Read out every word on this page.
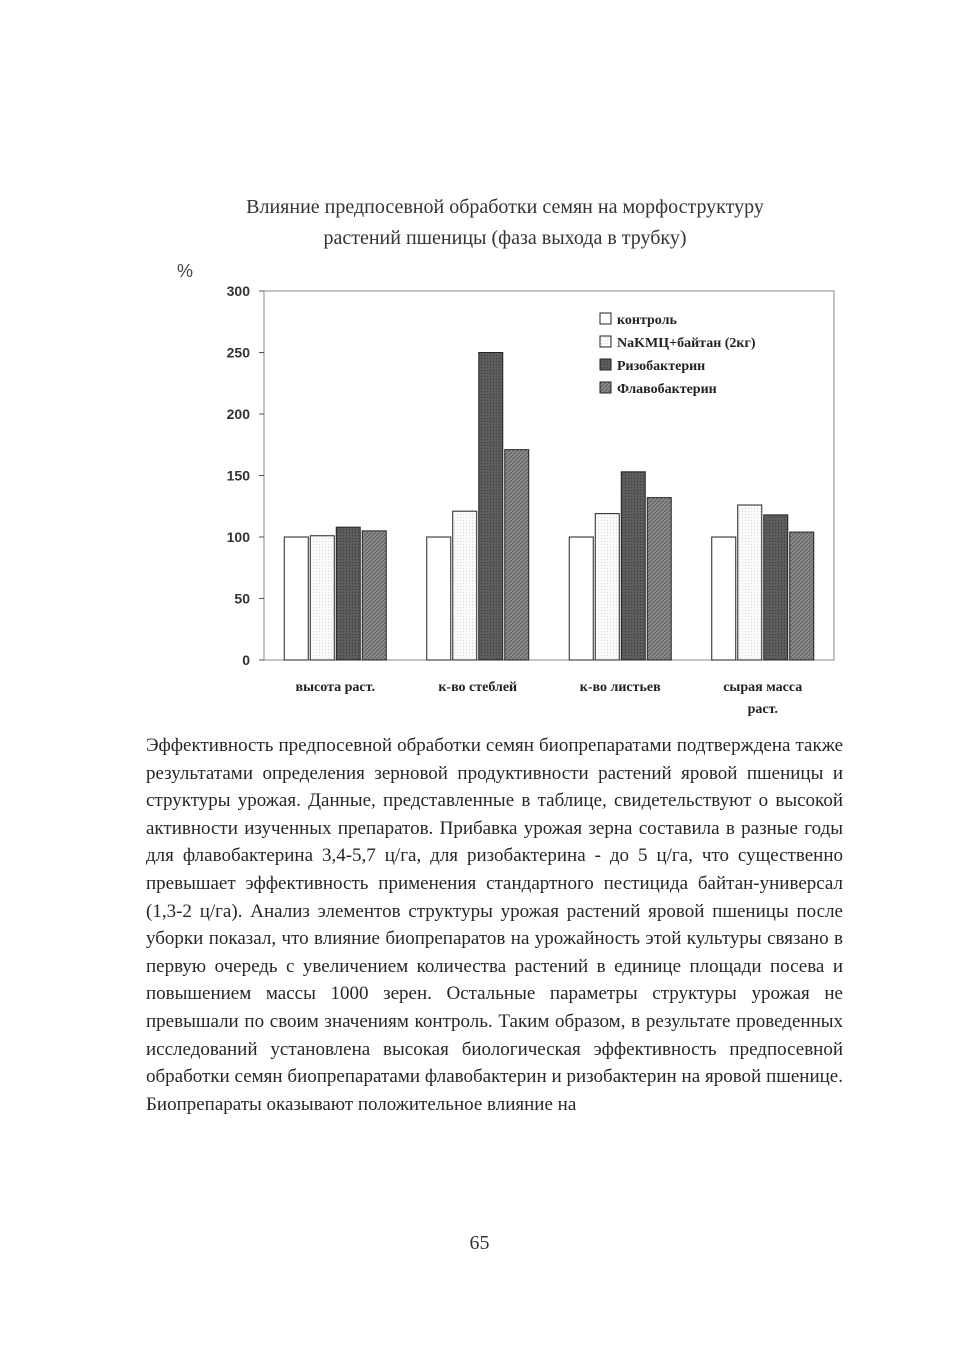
Влияние предпосевной обработки семян на морфоструктуру
растений пшеницы (фаза выхода в трубку)
0
50
100
150
200
250
300
%
высота раст.	к-во стеблей	к-во листьев	сырая масса раст.
контроль
NaKMЦ+байтан (2кг)
Ризобактерин
Флавобактерин
Эффективность предпосевной обработки семян биопрепаратами подтверждена также результатами определения зерновой продуктивности растений яровой пшеницы и структуры урожая. Данные, представленные в таблице, свидетельствуют о высокой активности изученных препаратов. Прибавка урожая зерна составила в разные годы для флавобактерина 3,4-5,7 ц/га, для ризобактерина - до 5 ц/га, что существенно превышает эффективность применения стандартного пестицида байтан-универсал (1,3-2 ц/га). Анализ элементов структуры урожая растений яровой пшеницы после уборки показал, что влияние биопрепаратов на урожайность этой культуры связано в первую очередь с увеличением количества растений в единице площади посева и повышением массы 1000 зерен. Остальные параметры структуры урожая не превышали по своим значениям контроль. Таким образом, в результате проведенных исследований установлена высокая биологическая эффективность предпосевной обработки семян биопрепаратами флавобактерин и ризобактерин на яровой пшенице. Биопрепараты оказывают положительное влияние на
65
